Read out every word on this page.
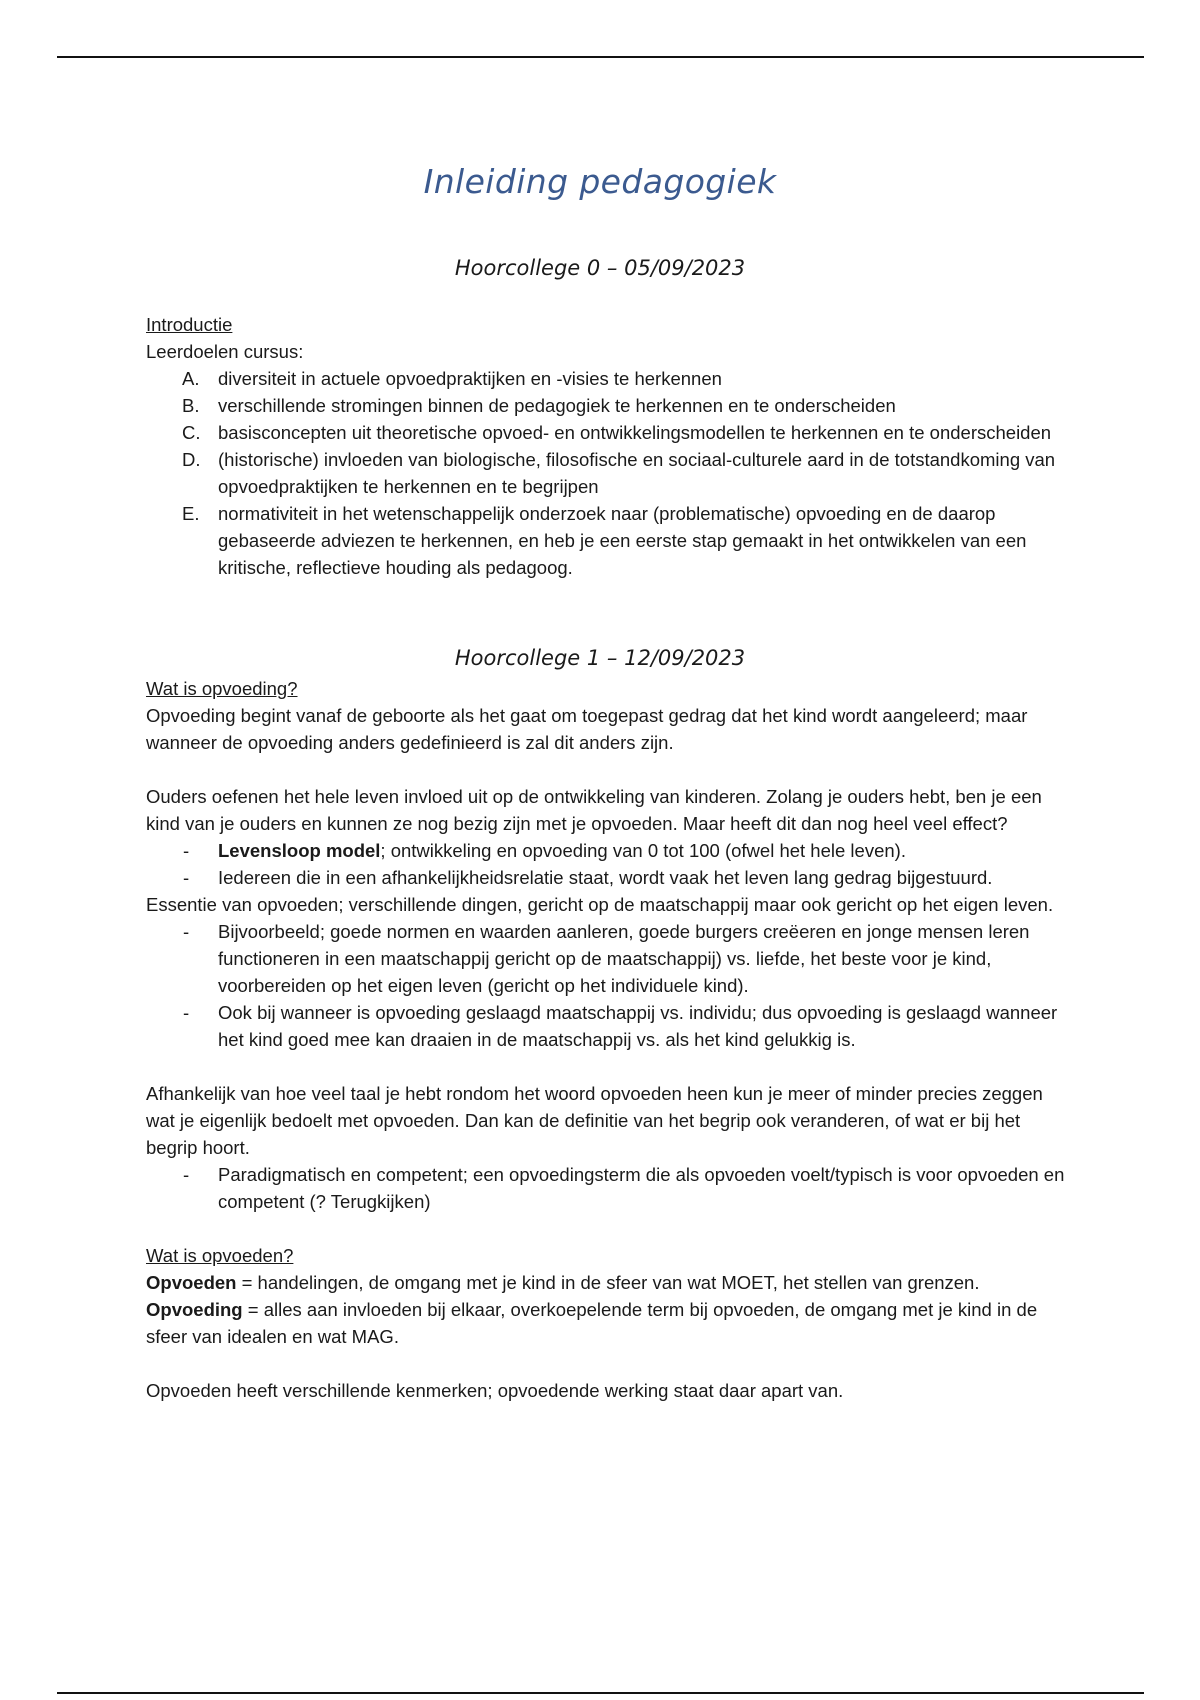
Inleiding pedagogiek
Hoorcollege 0 – 05/09/2023

Introductie

Leerdoelen cursus:

A. diversiteit in actuele opvoedpraktijken en -visies te herkennen
B. verschillende stromingen binnen de pedagogiek te herkennen en te onderscheiden
C. basisconcepten uit theoretische opvoed- en ontwikkelingsmodellen te herkennen en te onderscheiden
D. (historische) invloeden van biologische, filosofische en sociaal-culturele aard in de totstandkoming van opvoedpraktijken te herkennen en te begrijpen
E. normativiteit in het wetenschappelijk onderzoek naar (problematische) opvoeding en de daarop gebaseerde adviezen te herkennen, en heb je een eerste stap gemaakt in het ontwikkelen van een kritische, reflectieve houding als pedagoog.
Hoorcollege 1 – 12/09/2023

Wat is opvoeding?

Opvoeding begint vanaf de geboorte als het gaat om toegepast gedrag dat het kind wordt aangeleerd; maar wanneer de opvoeding anders gedefinieerd is zal dit anders zijn.

Ouders oefenen het hele leven invloed uit op de ontwikkeling van kinderen. Zolang je ouders hebt, ben je een kind van je ouders en kunnen ze nog bezig zijn met je opvoeden. Maar heeft dit dan nog heel veel effect?

- Levensloop model; ontwikkeling en opvoeding van 0 tot 100 (ofwel het hele leven).
- Iedereen die in een afhankelijkheidsrelatie staat, wordt vaak het leven lang gedrag bijgestuurd.

Essentie van opvoeden; verschillende dingen, gericht op de maatschappij maar ook gericht op het eigen leven.

- Bijvoorbeeld; goede normen en waarden aanleren, goede burgers creëeren en jonge mensen leren functioneren in een maatschappij gericht op de maatschappij) vs. liefde, het beste voor je kind, voorbereiden op het eigen leven (gericht op het individuele kind).
- Ook bij wanneer is opvoeding geslaagd maatschappij vs. individu; dus opvoeding is geslaagd wanneer het kind goed mee kan draaien in de maatschappij vs. als het kind gelukkig is.

Afhankelijk van hoe veel taal je hebt rondom het woord opvoeden heen kun je meer of minder precies zeggen wat je eigenlijk bedoelt met opvoeden. Dan kan de definitie van het begrip ook veranderen, of wat er bij het begrip hoort.

- Paradigmatisch en competent; een opvoedingsterm die als opvoeden voelt/typisch is voor opvoeden en competent (? Terugkijken)

Wat is opvoeden?

Opvoeden = handelingen, de omgang met je kind in de sfeer van wat MOET, het stellen van grenzen.

Opvoeding = alles aan invloeden bij elkaar, overkoepelende term bij opvoeden, de omgang met je kind in de sfeer van idealen en wat MAG.

Opvoeden heeft verschillende kenmerken; opvoedende werking staat daar apart van.
